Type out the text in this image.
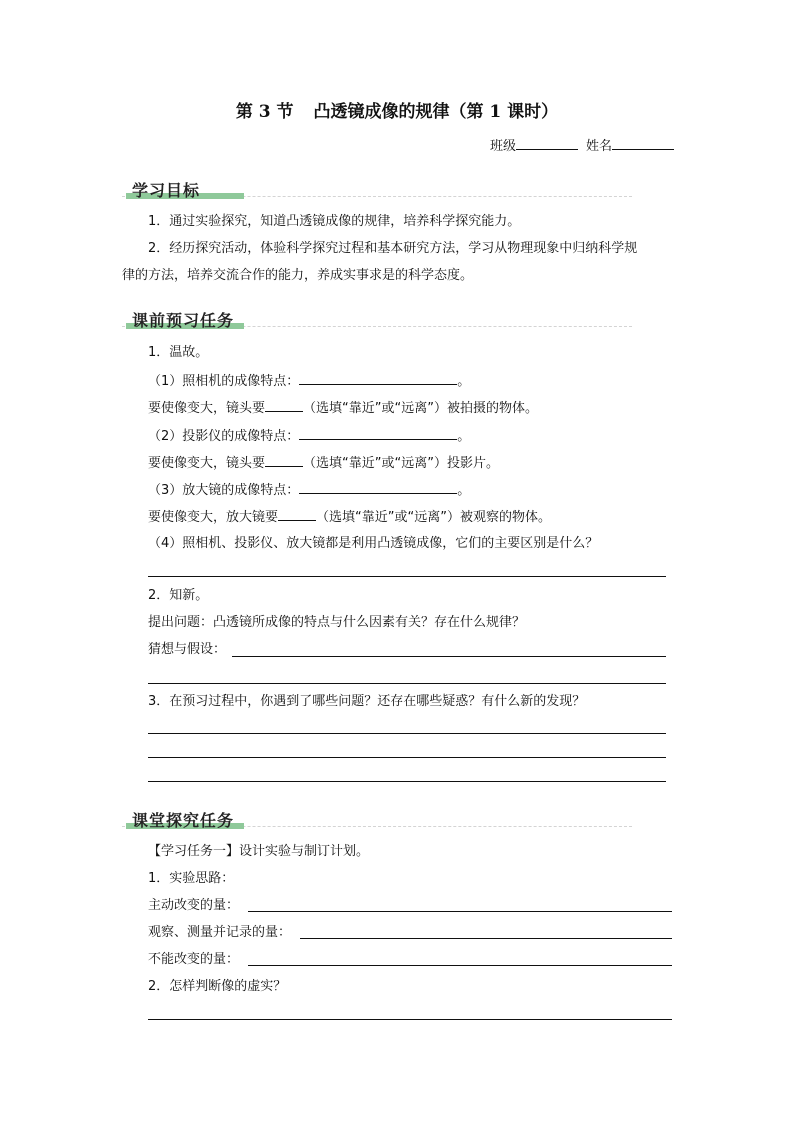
第 3 节 凸透镜成像的规律（第 1 课时）
班级	姓名
学习目标
1．通过实验探究，知道凸透镜成像的规律，培养科学探究能力。
2．经历探究活动，体验科学探究过程和基本研究方法，学习从物理现象中归纳科学规
律的方法，培养交流合作的能力，养成实事求是的科学态度。
课前预习任务
1．温故。
（1）照相机的成像特点：	。
要使像变大，镜头要	（选填“靠近”或“远离”）被拍摄的物体。
（2）投影仪的成像特点：	。
要使像变大，镜头要	（选填“靠近”或“远离”）投影片。
（3）放大镜的成像特点：	。
要使像变大，放大镜要	（选填“靠近”或“远离”）被观察的物体。
（4）照相机、投影仪、放大镜都是利用凸透镜成像，它们的主要区别是什么？
2．知新。
提出问题：凸透镜所成像的特点与什么因素有关？存在什么规律？
猜想与假设：
3．在预习过程中，你遇到了哪些问题？还存在哪些疑惑？有什么新的发现？
课堂探究任务
【学习任务一】设计实验与制订计划。
1．实验思路：
主动改变的量：
观察、测量并记录的量：
不能改变的量：
2．怎样判断像的虚实？
